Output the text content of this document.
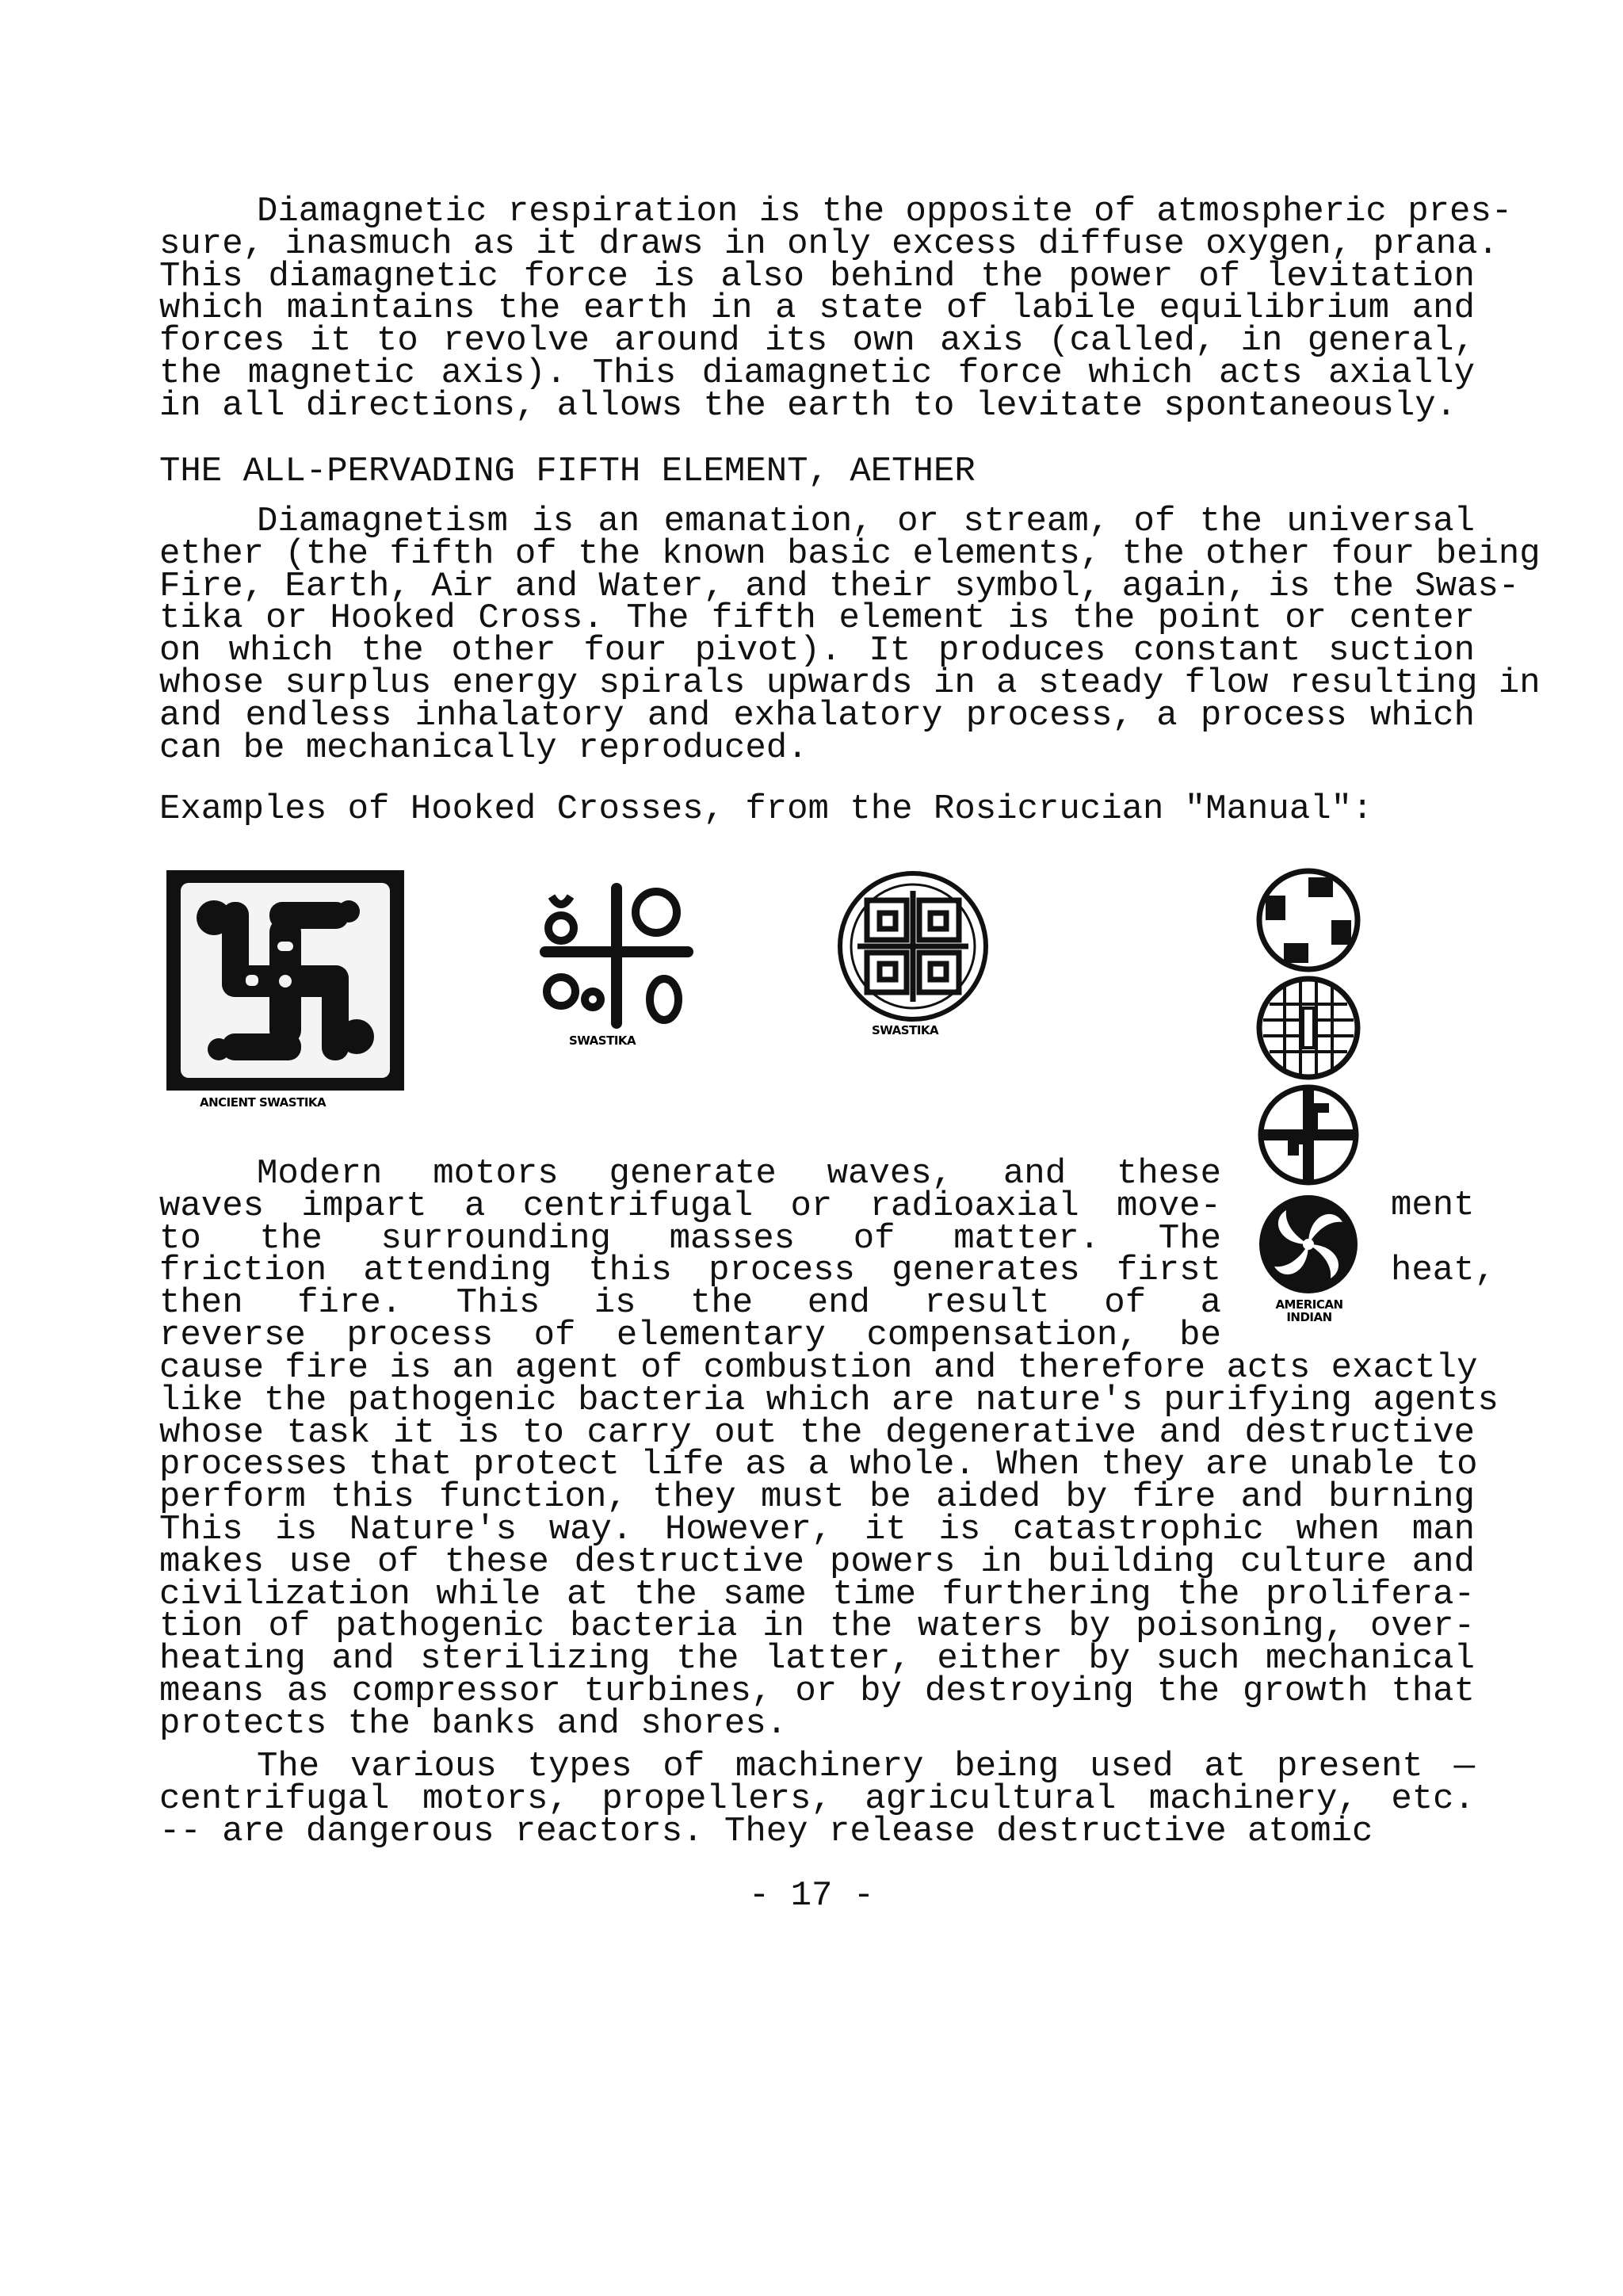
Diamagnetic respiration is the opposite of atmospheric pres-
sure, inasmuch as it draws in only excess diffuse oxygen, prana.
This diamagnetic force is also behind the power of levitation
which maintains the earth in a state of labile equilibrium and
forces it to revolve around its own axis (called, in general,
the magnetic axis). This diamagnetic force which acts axially
in all directions, allows the earth to levitate spontaneously.
THE ALL-PERVADING FIFTH ELEMENT, AETHER
Diamagnetism is an emanation, or stream, of the universal
ether (the fifth of the known basic elements, the other four being
Fire, Earth, Air and Water, and their symbol, again, is the Swas-
tika or Hooked Cross. The fifth element is the point or center
on which the other four pivot). It produces constant suction
whose surplus energy spirals upwards in a steady flow resulting in
and endless inhalatory and exhalatory process, a process which
can be mechanically reproduced.
Examples of Hooked Crosses, from the Rosicrucian "Manual":
ANCIENT SWASTIKA
SWASTIKA
SWASTIKA
AMERICAN
INDIAN
Modern motors generate waves, and these
waves impart a centrifugal or radioaxial move-
to the surrounding masses of matter. The
friction attending this process generates first
then fire. This is the end result of a
reverse process of elementary compensation, be
ment
heat,
cause fire is an agent of combustion and therefore acts exactly
like the pathogenic bacteria which are nature's purifying agents
whose task it is to carry out the degenerative and destructive
processes that protect life as a whole. When they are unable to
perform this function, they must be aided by fire and burning
This is Nature's way. However, it is catastrophic when man
makes use of these destructive powers in building culture and
civilization while at the same time furthering the prolifera-
tion of pathogenic bacteria in the waters by poisoning, over-
heating and sterilizing the latter, either by such mechanical
means as compressor turbines, or by destroying the growth that
protects the banks and shores.
The various types of machinery being used at present —
centrifugal motors, propellers, agricultural machinery, etc.
-- are dangerous reactors. They release destructive atomic
- 17 -
